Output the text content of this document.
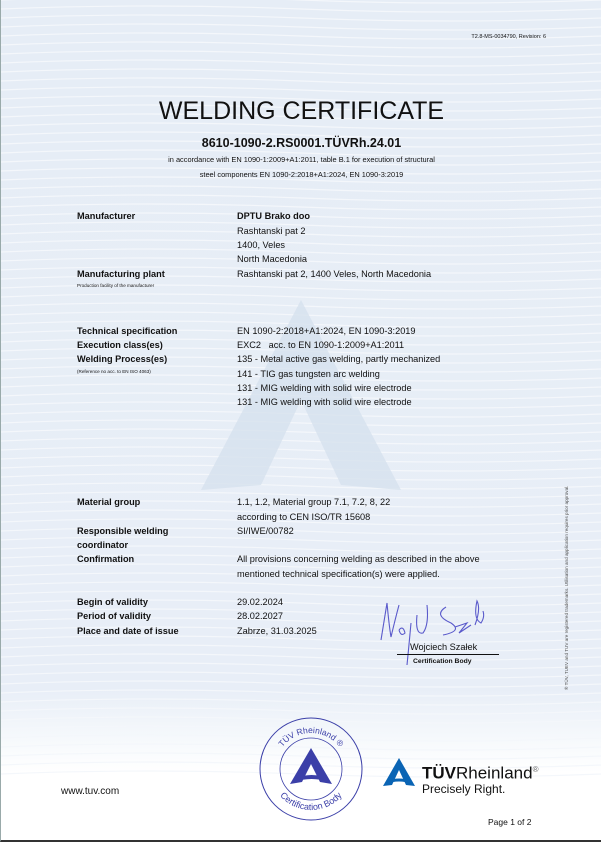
T2.8-MS-0034790, Revision: 6
WELDING CERTIFICATE
8610-1090-2.RS0001.TÜVRh.24.01
in accordance with EN 1090-1:2009+A1:2011, table B.1 for execution of structural
steel components EN 1090-2:2018+A1:2024, EN 1090-3:2019
Manufacturer	DPTU Brako doo
Rashtanski pat 2
1400, Veles
North Macedonia
Manufacturing plant	Rashtanski pat 2, 1400 Veles, North Macedonia
Production facility of the manufacturer
Technical specification	EN 1090-2:2018+A1:2024, EN 1090-3:2019
Execution class(es)	EXC2   acc. to EN 1090-1:2009+A1:2011
Welding Process(es)	135 - Metal active gas welding, partly mechanized
(Reference no acc. to EN ISO 4063)	141 - TIG gas tungsten arc welding
131 - MIG welding with solid wire electrode
131 - MIG welding with solid wire electrode
Material group	1.1, 1.2, Material group 7.1, 7.2, 8, 22
according to CEN ISO/TR 15608
Responsible welding	SI/IWE/00782
coordinator
Confirmation	All provisions concerning welding as described in the above
mentioned technical specification(s) were applied.
Begin of validity	29.02.2024
Period of validity	28.02.2027
Place and date of issue	Zabrze, 31.03.2025
Wojciech Szałek
Certification Body	® TÜV, TUEV and TUV are registered trademarks. Utilisation and application requires prior approval.
www.tuv.com
TÜV Rheinland ®
Certification Body
TÜVRheinland®
Precisely Right.
Page 1 of 2
